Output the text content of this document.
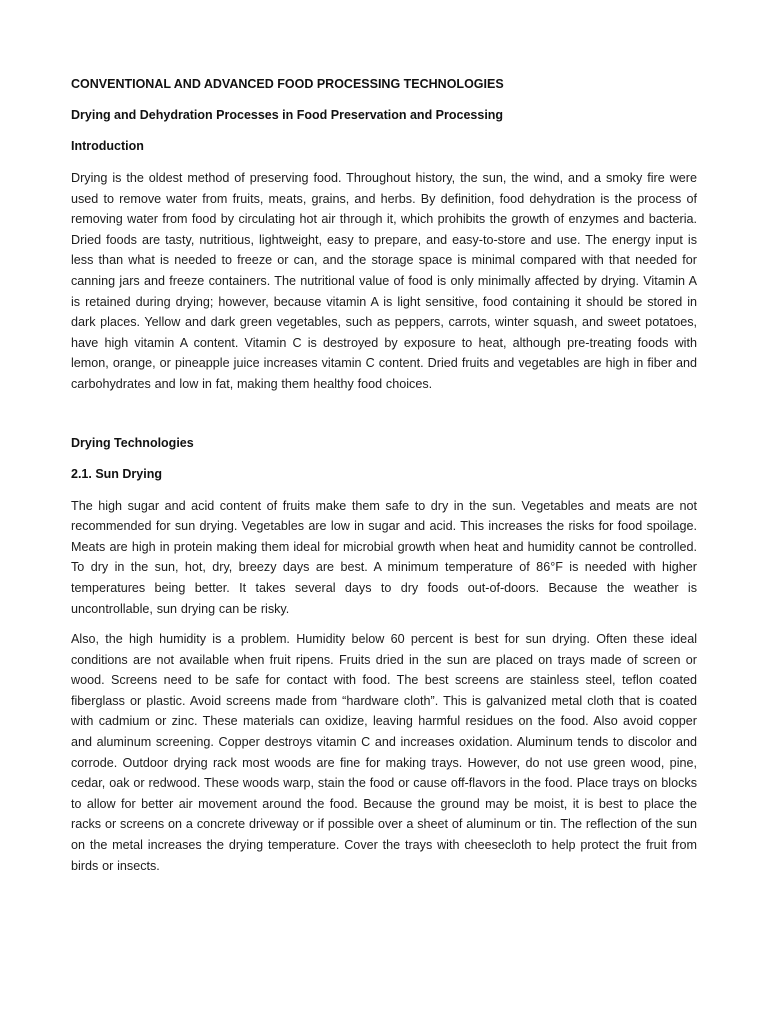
CONVENTIONAL AND ADVANCED FOOD PROCESSING TECHNOLOGIES
Drying and Dehydration Processes in Food Preservation and Processing
Introduction

Drying is the oldest method of preserving food. Throughout history, the sun, the wind, and a smoky fire were used to remove water from fruits, meats, grains, and herbs. By definition, food dehydration is the process of removing water from food by circulating hot air through it, which prohibits the growth of enzymes and bacteria. Dried foods are tasty, nutritious, lightweight, easy to prepare, and easy-to-store and use. The energy input is less than what is needed to freeze or can, and the storage space is minimal compared with that needed for canning jars and freeze containers. The nutritional value of food is only minimally affected by drying. Vitamin A is retained during drying; however, because vitamin A is light sensitive, food containing it should be stored in dark places. Yellow and dark green vegetables, such as peppers, carrots, winter squash, and sweet potatoes, have high vitamin A content. Vitamin C is destroyed by exposure to heat, although pre-treating foods with lemon, orange, or pineapple juice increases vitamin C content. Dried fruits and vegetables are high in fiber and carbohydrates and low in fat, making them healthy food choices.

Drying Technologies
2.1. Sun Drying

The high sugar and acid content of fruits make them safe to dry in the sun. Vegetables and meats are not recommended for sun drying. Vegetables are low in sugar and acid. This increases the risks for food spoilage. Meats are high in protein making them ideal for microbial growth when heat and humidity cannot be controlled. To dry in the sun, hot, dry, breezy days are best. A minimum temperature of 86°F is needed with higher temperatures being better. It takes several days to dry foods out-of-doors. Because the weather is uncontrollable, sun drying can be risky.

Also, the high humidity is a problem. Humidity below 60 percent is best for sun drying. Often these ideal conditions are not available when fruit ripens. Fruits dried in the sun are placed on trays made of screen or wood. Screens need to be safe for contact with food. The best screens are stainless steel, teflon coated fiberglass or plastic. Avoid screens made from “hardware cloth”. This is galvanized metal cloth that is coated with cadmium or zinc. These materials can oxidize, leaving harmful residues on the food. Also avoid copper and aluminum screening. Copper destroys vitamin C and increases oxidation. Aluminum tends to discolor and corrode. Outdoor drying rack most woods are fine for making trays. However, do not use green wood, pine, cedar, oak or redwood. These woods warp, stain the food or cause off-flavors in the food. Place trays on blocks to allow for better air movement around the food. Because the ground may be moist, it is best to place the racks or screens on a concrete driveway or if possible over a sheet of aluminum or tin. The reflection of the sun on the metal increases the drying temperature. Cover the trays with cheesecloth to help protect the fruit from birds or insects.
